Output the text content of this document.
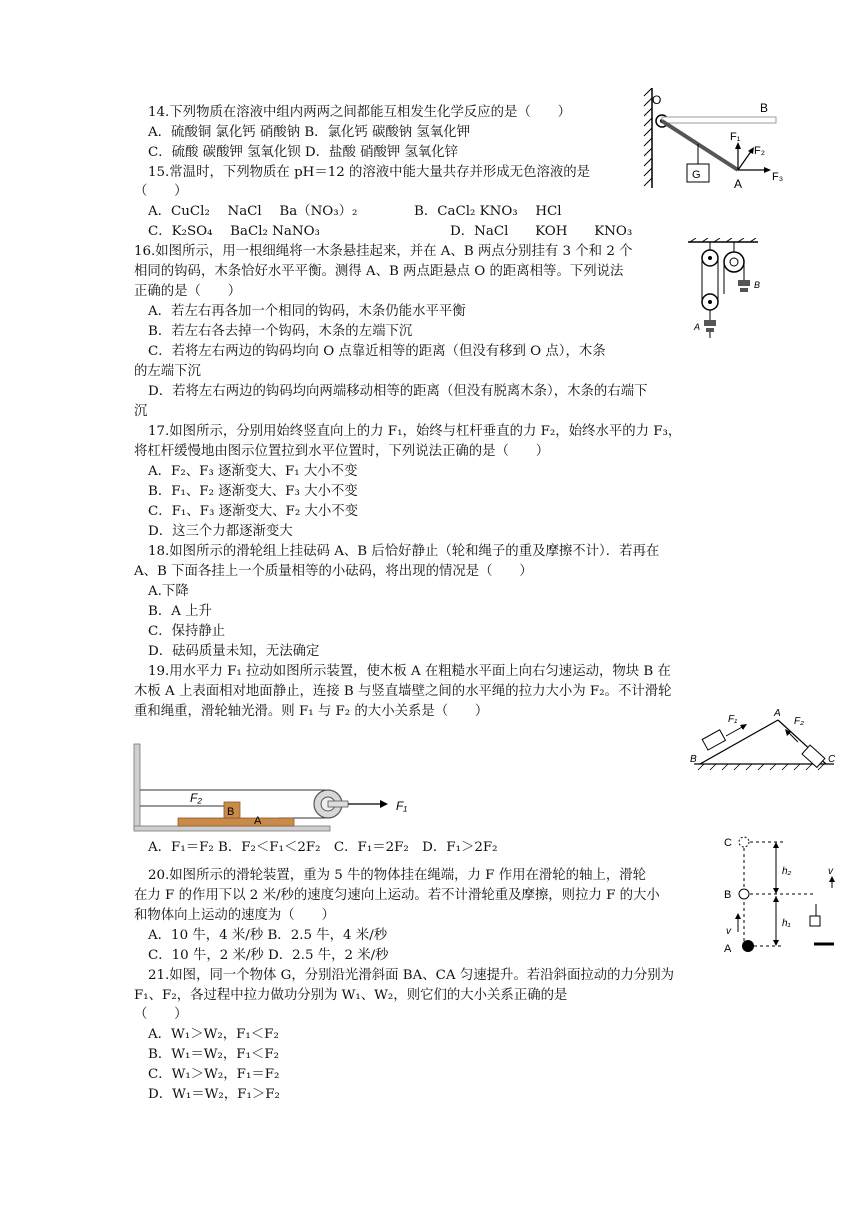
14.下列物质在溶液中组内两两之间都能互相发生化学反应的是（　　）
A．硫酸铜 氯化钙 硝酸钠 B．氯化钙 碳酸钠 氢氧化钾
C．硫酸 碳酸钾 氢氧化钡 D．盐酸 硝酸钾 氢氧化锌
15.常温时，下列物质在 pH＝12 的溶液中能大量共存并形成无色溶液的是
（　　）
A．CuCl₂　 NaCl　 Ba（NO₃）₂	B．CaCl₂ KNO₃　 HCl
C．K₂SO₄　 BaCl₂ NaNO₃	D．NaCl　　KOH　　KNO₃
16.如图所示，用一根细绳将一木条悬挂起来，并在 A、B 两点分别挂有 3 个和 2 个
相同的钩码，木条恰好水平平衡。测得 A、B 两点距悬点 O 的距离相等。下列说法
正确的是（　　）
A．若左右再各加一个相同的钩码，木条仍能水平平衡
B．若左右各去掉一个钩码，木条的左端下沉
C．若将左右两边的钩码均向 O 点靠近相等的距离（但没有移到 O 点），木条
的左端下沉
D．若将左右两边的钩码均向两端移动相等的距离（但没有脱离木条），木条的右端下
沉
17.如图所示，分别用始终竖直向上的力 F₁，始终与杠杆垂直的力 F₂，始终水平的力 F₃，
将杠杆缓慢地由图示位置拉到水平位置时，下列说法正确的是（　　）
A．F₂、F₃ 逐渐变大、F₁ 大小不变
B．F₁、F₂ 逐渐变大、F₃ 大小不变
C．F₁、F₃ 逐渐变大、F₂ 大小不变
D．这三个力都逐渐变大
18.如图所示的滑轮组上挂砝码 A、B 后恰好静止（轮和绳子的重及摩擦不计）．若再在
A、B 下面各挂上一个质量相等的小砝码，将出现的情况是（　　）
A.下降
B．A 上升
C．保持静止
D．砝码质量未知，无法确定
19.用水平力 F₁ 拉动如图所示装置，使木板 A 在粗糙水平面上向右匀速运动，物块 B 在
木板 A 上表面相对地面静止，连接 B 与竖直墙壁之间的水平绳的拉力大小为 F₂。不计滑轮
重和绳重，滑轮轴光滑。则 F₁ 与 F₂ 的大小关系是（　　）
A．F₁＝F₂ B．F₂＜F₁＜2F₂　C．F₁＝2F₂　D．F₁＞2F₂
20.如图所示的滑轮装置，重为 5 牛的物体挂在绳端，力 F 作用在滑轮的轴上，滑轮
在力 F 的作用下以 2 米/秒的速度匀速向上运动。若不计滑轮重及摩擦，则拉力 F 的大小
和物体向上运动的速度为（　　）
A．10 牛，4 米/秒 B．2.5 牛，4 米/秒
C．10 牛，2 米/秒 D．2.5 牛，2 米/秒
21.如图，同一个物体 G，分别沿光滑斜面 BA、CA 匀速提升。若沿斜面拉动的力分别为
F₁、F₂，各过程中拉力做功分别为 W₁、W₂，则它们的大小关系正确的是
（　　）
A．W₁＞W₂，F₁＜F₂
B．W₁＝W₂，F₁＜F₂
C．W₁＞W₂，F₁＝F₂
D．W₁＝W₂，F₁＞F₂
O
B
A
G
F₁
F₂
F₃
A
B
F₁	F₂
A
B	C
F₂
B
A
F₁
C
B
A
h₂
h₁
v
v
